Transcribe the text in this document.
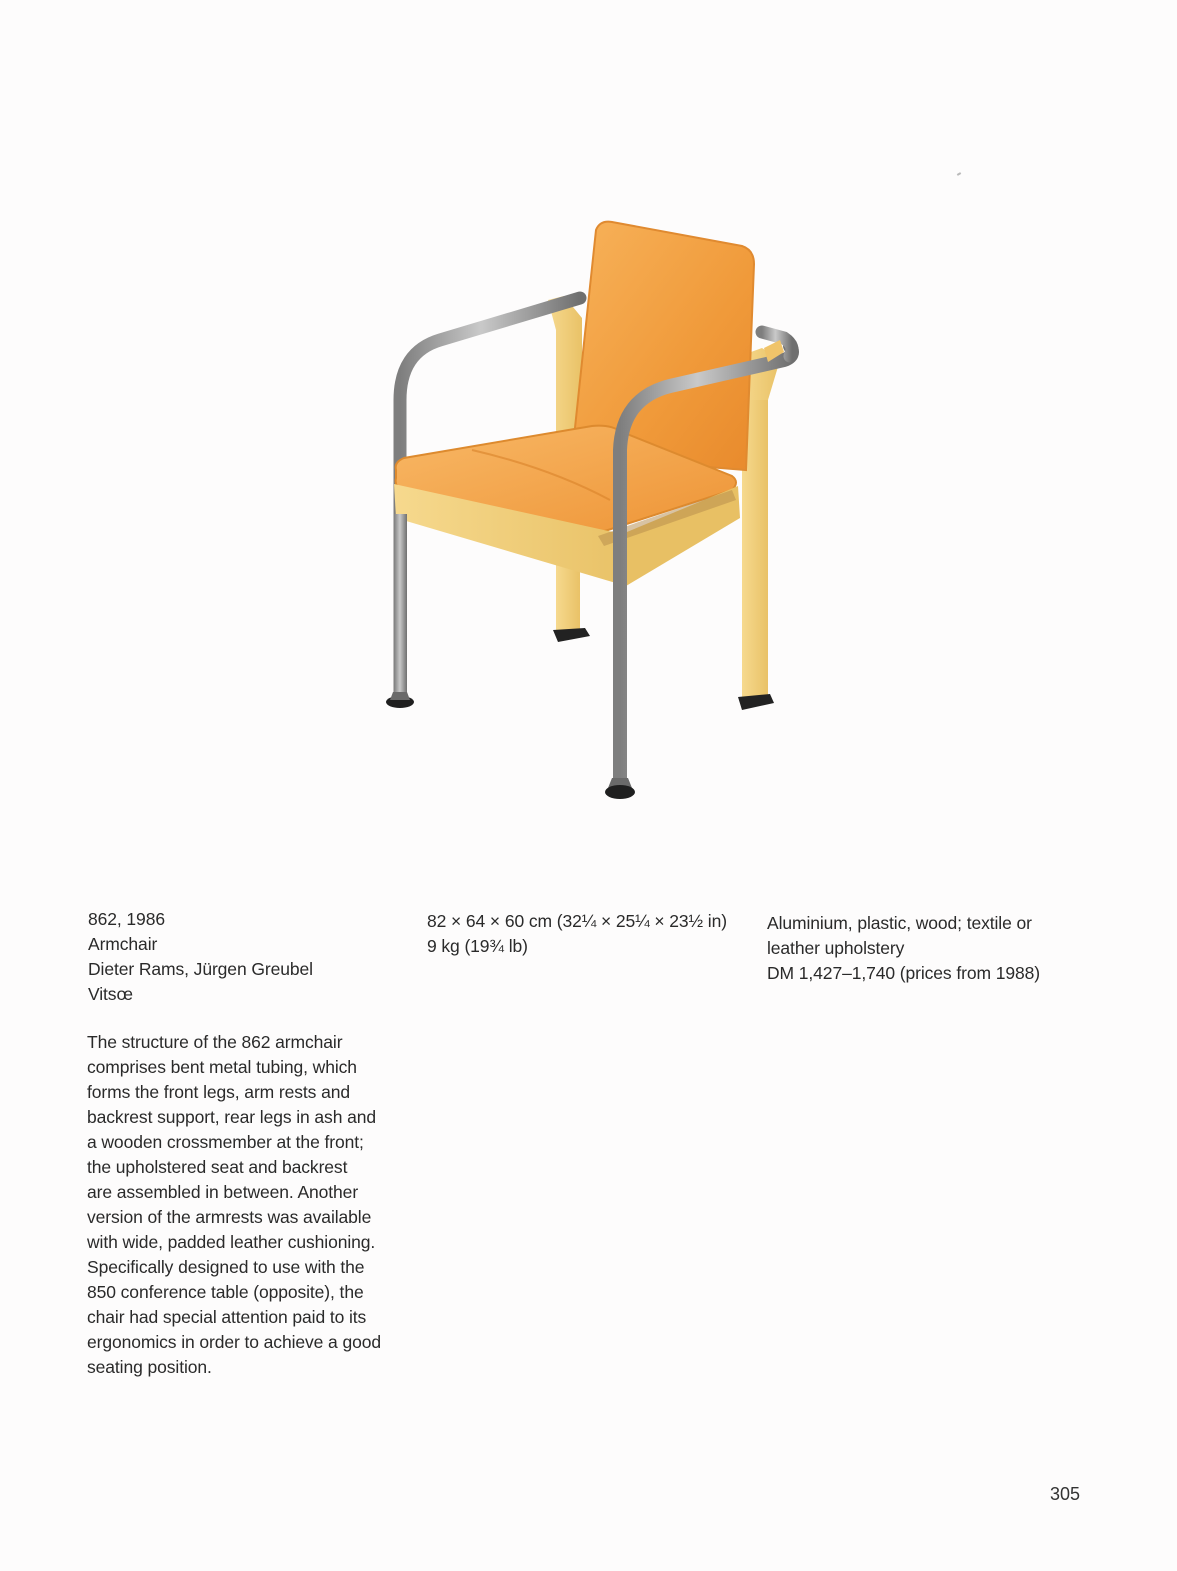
862, 1986
Armchair
Dieter Rams, Jürgen Greubel
Vitsœ
82 × 64 × 60 cm (32¼ × 25¼ × 23½ in)
9 kg (19¾ lb)
Aluminium, plastic, wood; textile or
leather upholstery
DM 1,427–1,740 (prices from 1988)
The structure of the 862 armchair
comprises bent metal tubing, which
forms the front legs, arm rests and
backrest support, rear legs in ash and
a wooden crossmember at the front;
the upholstered seat and backrest
are assembled in between. Another
version of the armrests was available
with wide, padded leather cushioning.
Specifically designed to use with the
850 conference table (opposite), the
chair had special attention paid to its
ergonomics in order to achieve a good
seating position.
305
